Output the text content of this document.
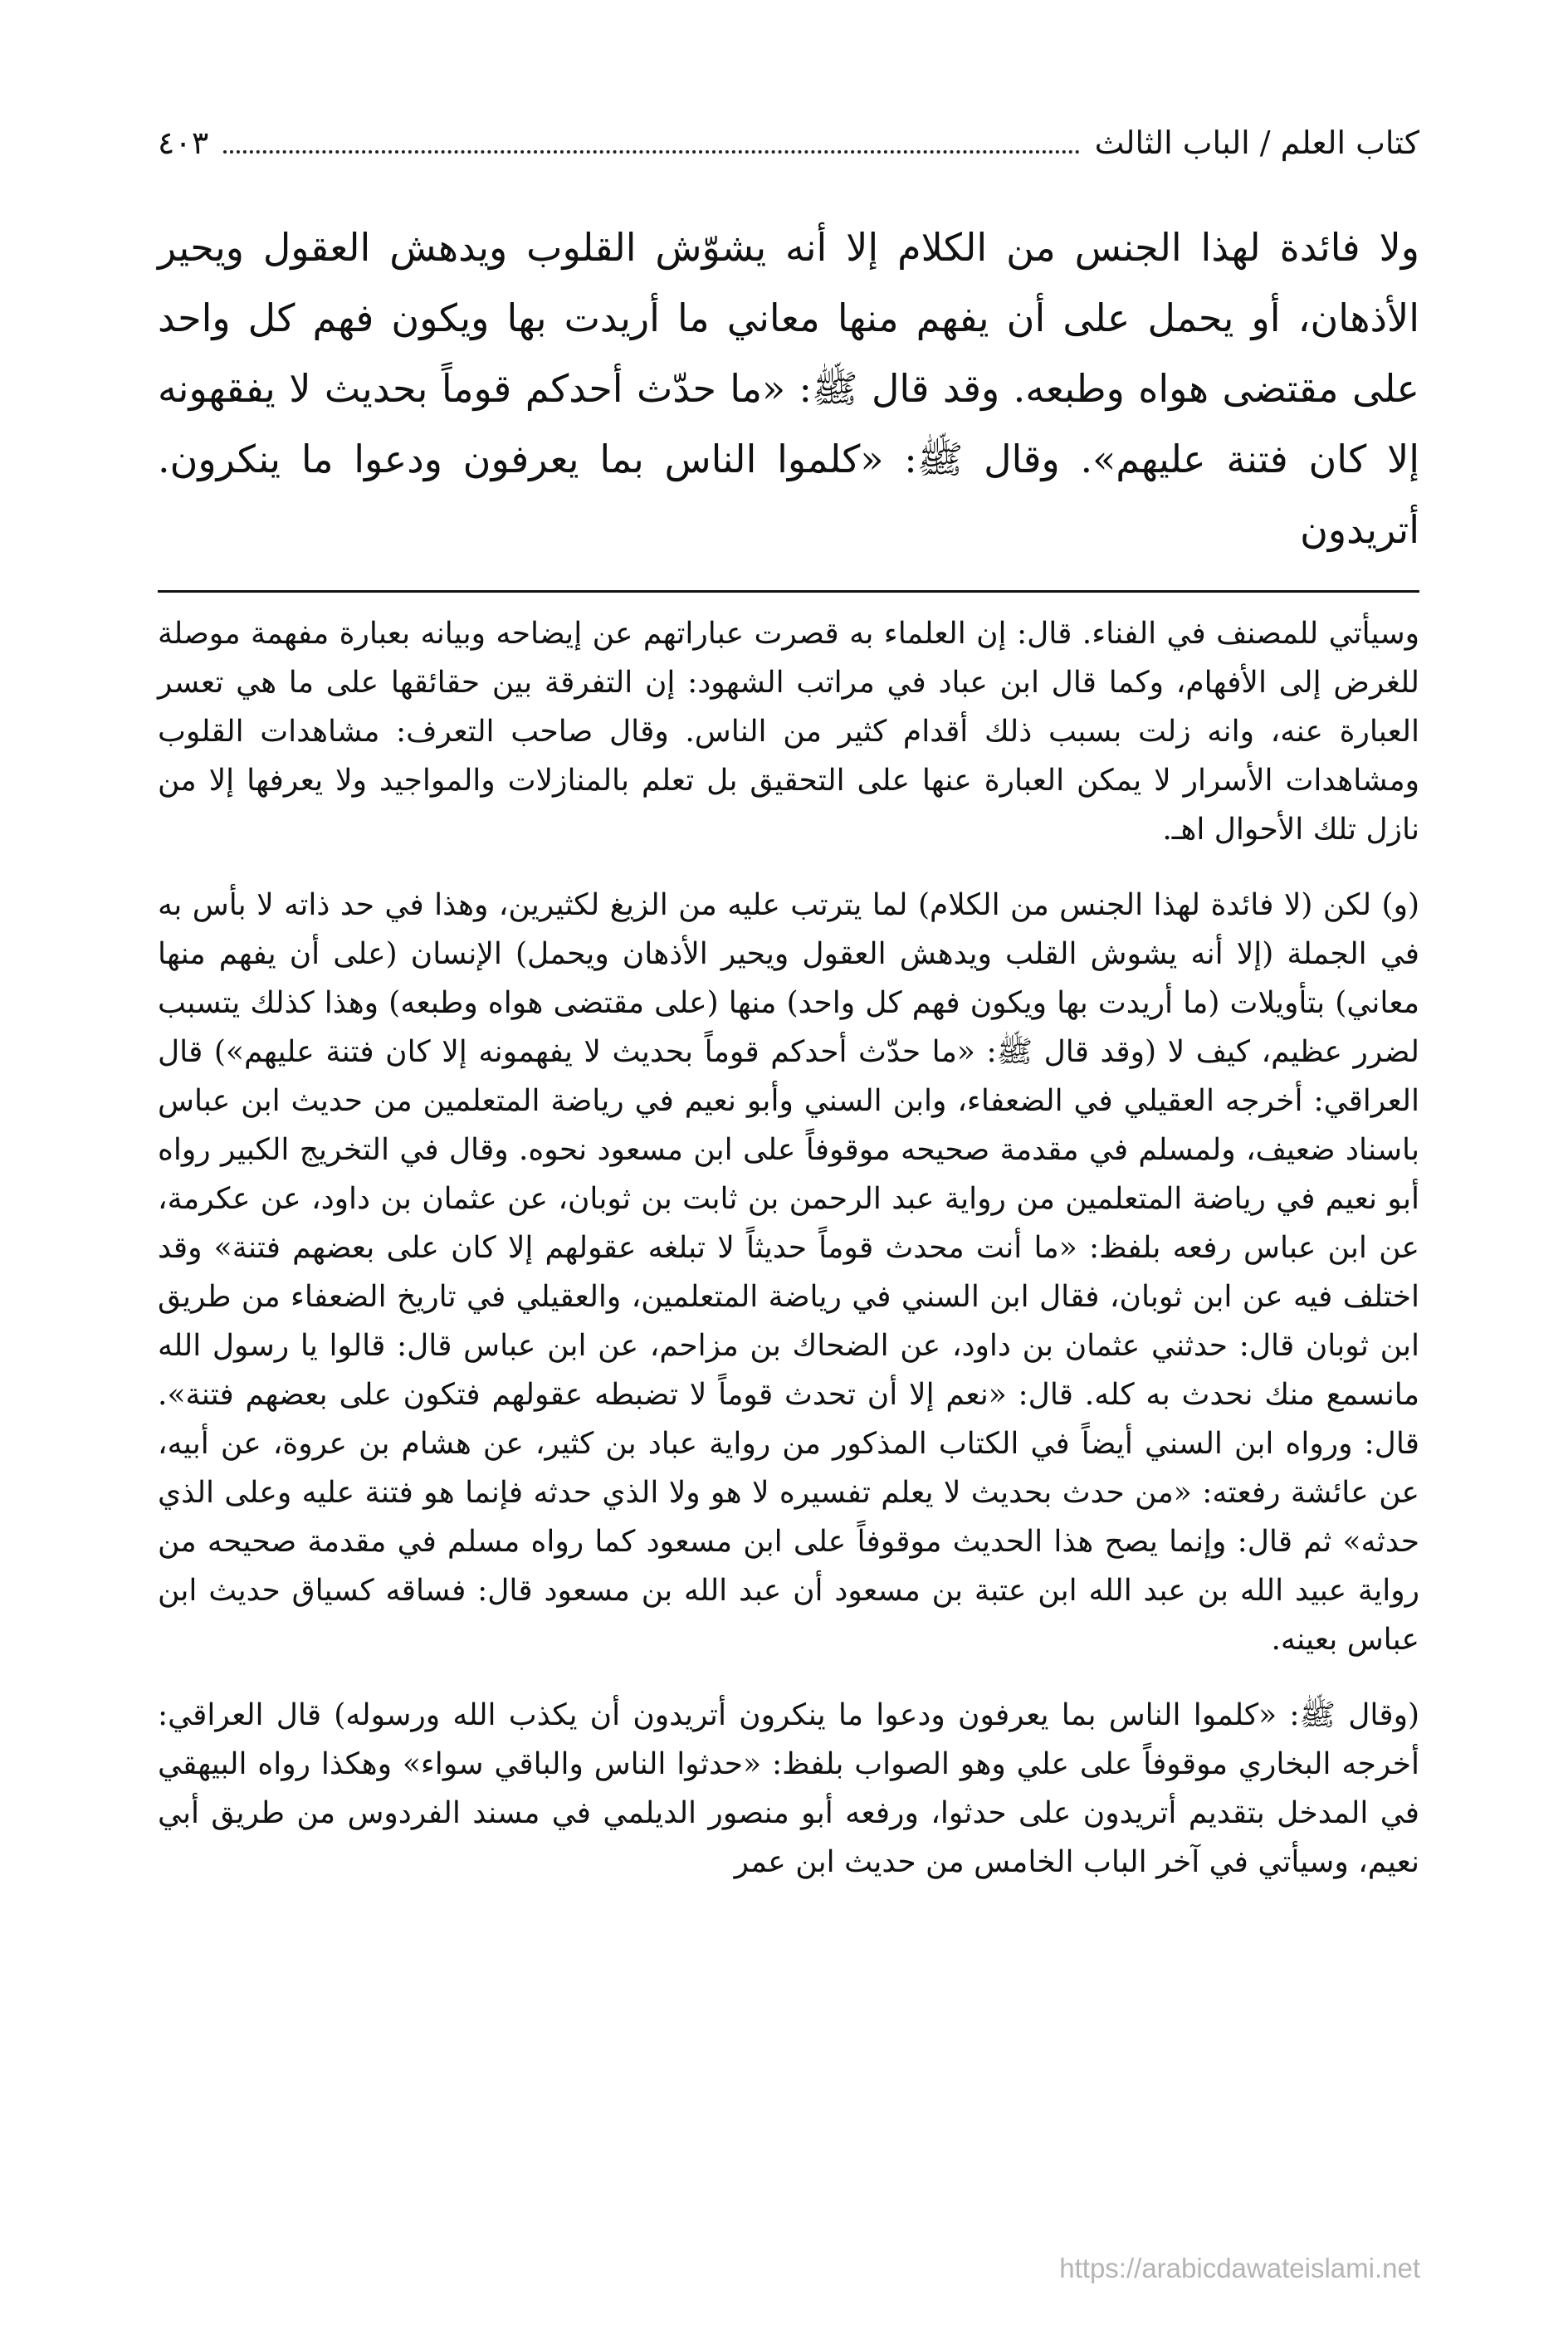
كتاب العلم / الباب الثالث
٤٠٣

ولا فائدة لهذا الجنس من الكلام إلا أنه يشوّش القلوب ويدهش العقول ويحير الأذهان، أو يحمل على أن يفهم منها معاني ما أريدت بها ويكون فهم كل واحد على مقتضى هواه وطبعه. وقد قال ﷺ: «ما حدّث أحدكم قوماً بحديث لا يفقهونه إلا كان فتنة عليهم». وقال ﷺ: «كلموا الناس بما يعرفون ودعوا ما ينكرون. أتريدون

وسيأتي للمصنف في الفناء. قال: إن العلماء به قصرت عباراتهم عن إيضاحه وبيانه بعبارة مفهمة موصلة للغرض إلى الأفهام، وكما قال ابن عباد في مراتب الشهود: إن التفرقة بين حقائقها على ما هي تعسر العبارة عنه، وانه زلت بسبب ذلك أقدام كثير من الناس. وقال صاحب التعرف: مشاهدات القلوب ومشاهدات الأسرار لا يمكن العبارة عنها على التحقيق بل تعلم بالمنازلات والمواجيد ولا يعرفها إلا من نازل تلك الأحوال اهـ.

(و) لكن (لا فائدة لهذا الجنس من الكلام) لما يترتب عليه من الزيغ لكثيرين، وهذا في حد ذاته لا بأس به في الجملة (إلا أنه يشوش القلب ويدهش العقول ويحير الأذهان ويحمل) الإنسان (على أن يفهم منها معاني) بتأويلات (ما أريدت بها ويكون فهم كل واحد) منها (على مقتضى هواه وطبعه) وهذا كذلك يتسبب لضرر عظيم، كيف لا (وقد قال ﷺ: «ما حدّث أحدكم قوماً بحديث لا يفهمونه إلا كان فتنة عليهم») قال العراقي: أخرجه العقيلي في الضعفاء، وابن السني وأبو نعيم في رياضة المتعلمين من حديث ابن عباس باسناد ضعيف، ولمسلم في مقدمة صحيحه موقوفاً على ابن مسعود نحوه. وقال في التخريج الكبير رواه أبو نعيم في رياضة المتعلمين من رواية عبد الرحمن بن ثابت بن ثوبان، عن عثمان بن داود، عن عكرمة، عن ابن عباس رفعه بلفظ: «ما أنت محدث قوماً حديثاً لا تبلغه عقولهم إلا كان على بعضهم فتنة» وقد اختلف فيه عن ابن ثوبان، فقال ابن السني في رياضة المتعلمين، والعقيلي في تاريخ الضعفاء من طريق ابن ثوبان قال: حدثني عثمان بن داود، عن الضحاك بن مزاحم، عن ابن عباس قال: قالوا يا رسول الله مانسمع منك نحدث به كله. قال: «نعم إلا أن تحدث قوماً لا تضبطه عقولهم فتكون على بعضهم فتنة». قال: ورواه ابن السني أيضاً في الكتاب المذكور من رواية عباد بن كثير، عن هشام بن عروة، عن أبيه، عن عائشة رفعته: «من حدث بحديث لا يعلم تفسيره لا هو ولا الذي حدثه فإنما هو فتنة عليه وعلى الذي حدثه» ثم قال: وإنما يصح هذا الحديث موقوفاً على ابن مسعود كما رواه مسلم في مقدمة صحيحه من رواية عبيد الله بن عبد الله ابن عتبة بن مسعود أن عبد الله بن مسعود قال: فساقه كسياق حديث ابن عباس بعينه.

(وقال ﷺ: «كلموا الناس بما يعرفون ودعوا ما ينكرون أتريدون أن يكذب الله ورسوله) قال العراقي: أخرجه البخاري موقوفاً على علي وهو الصواب بلفظ: «حدثوا الناس والباقي سواء» وهكذا رواه البيهقي في المدخل بتقديم أتريدون على حدثوا، ورفعه أبو منصور الديلمي في مسند الفردوس من طريق أبي نعيم، وسيأتي في آخر الباب الخامس من حديث ابن عمر

https://arabicdawateislami.net
